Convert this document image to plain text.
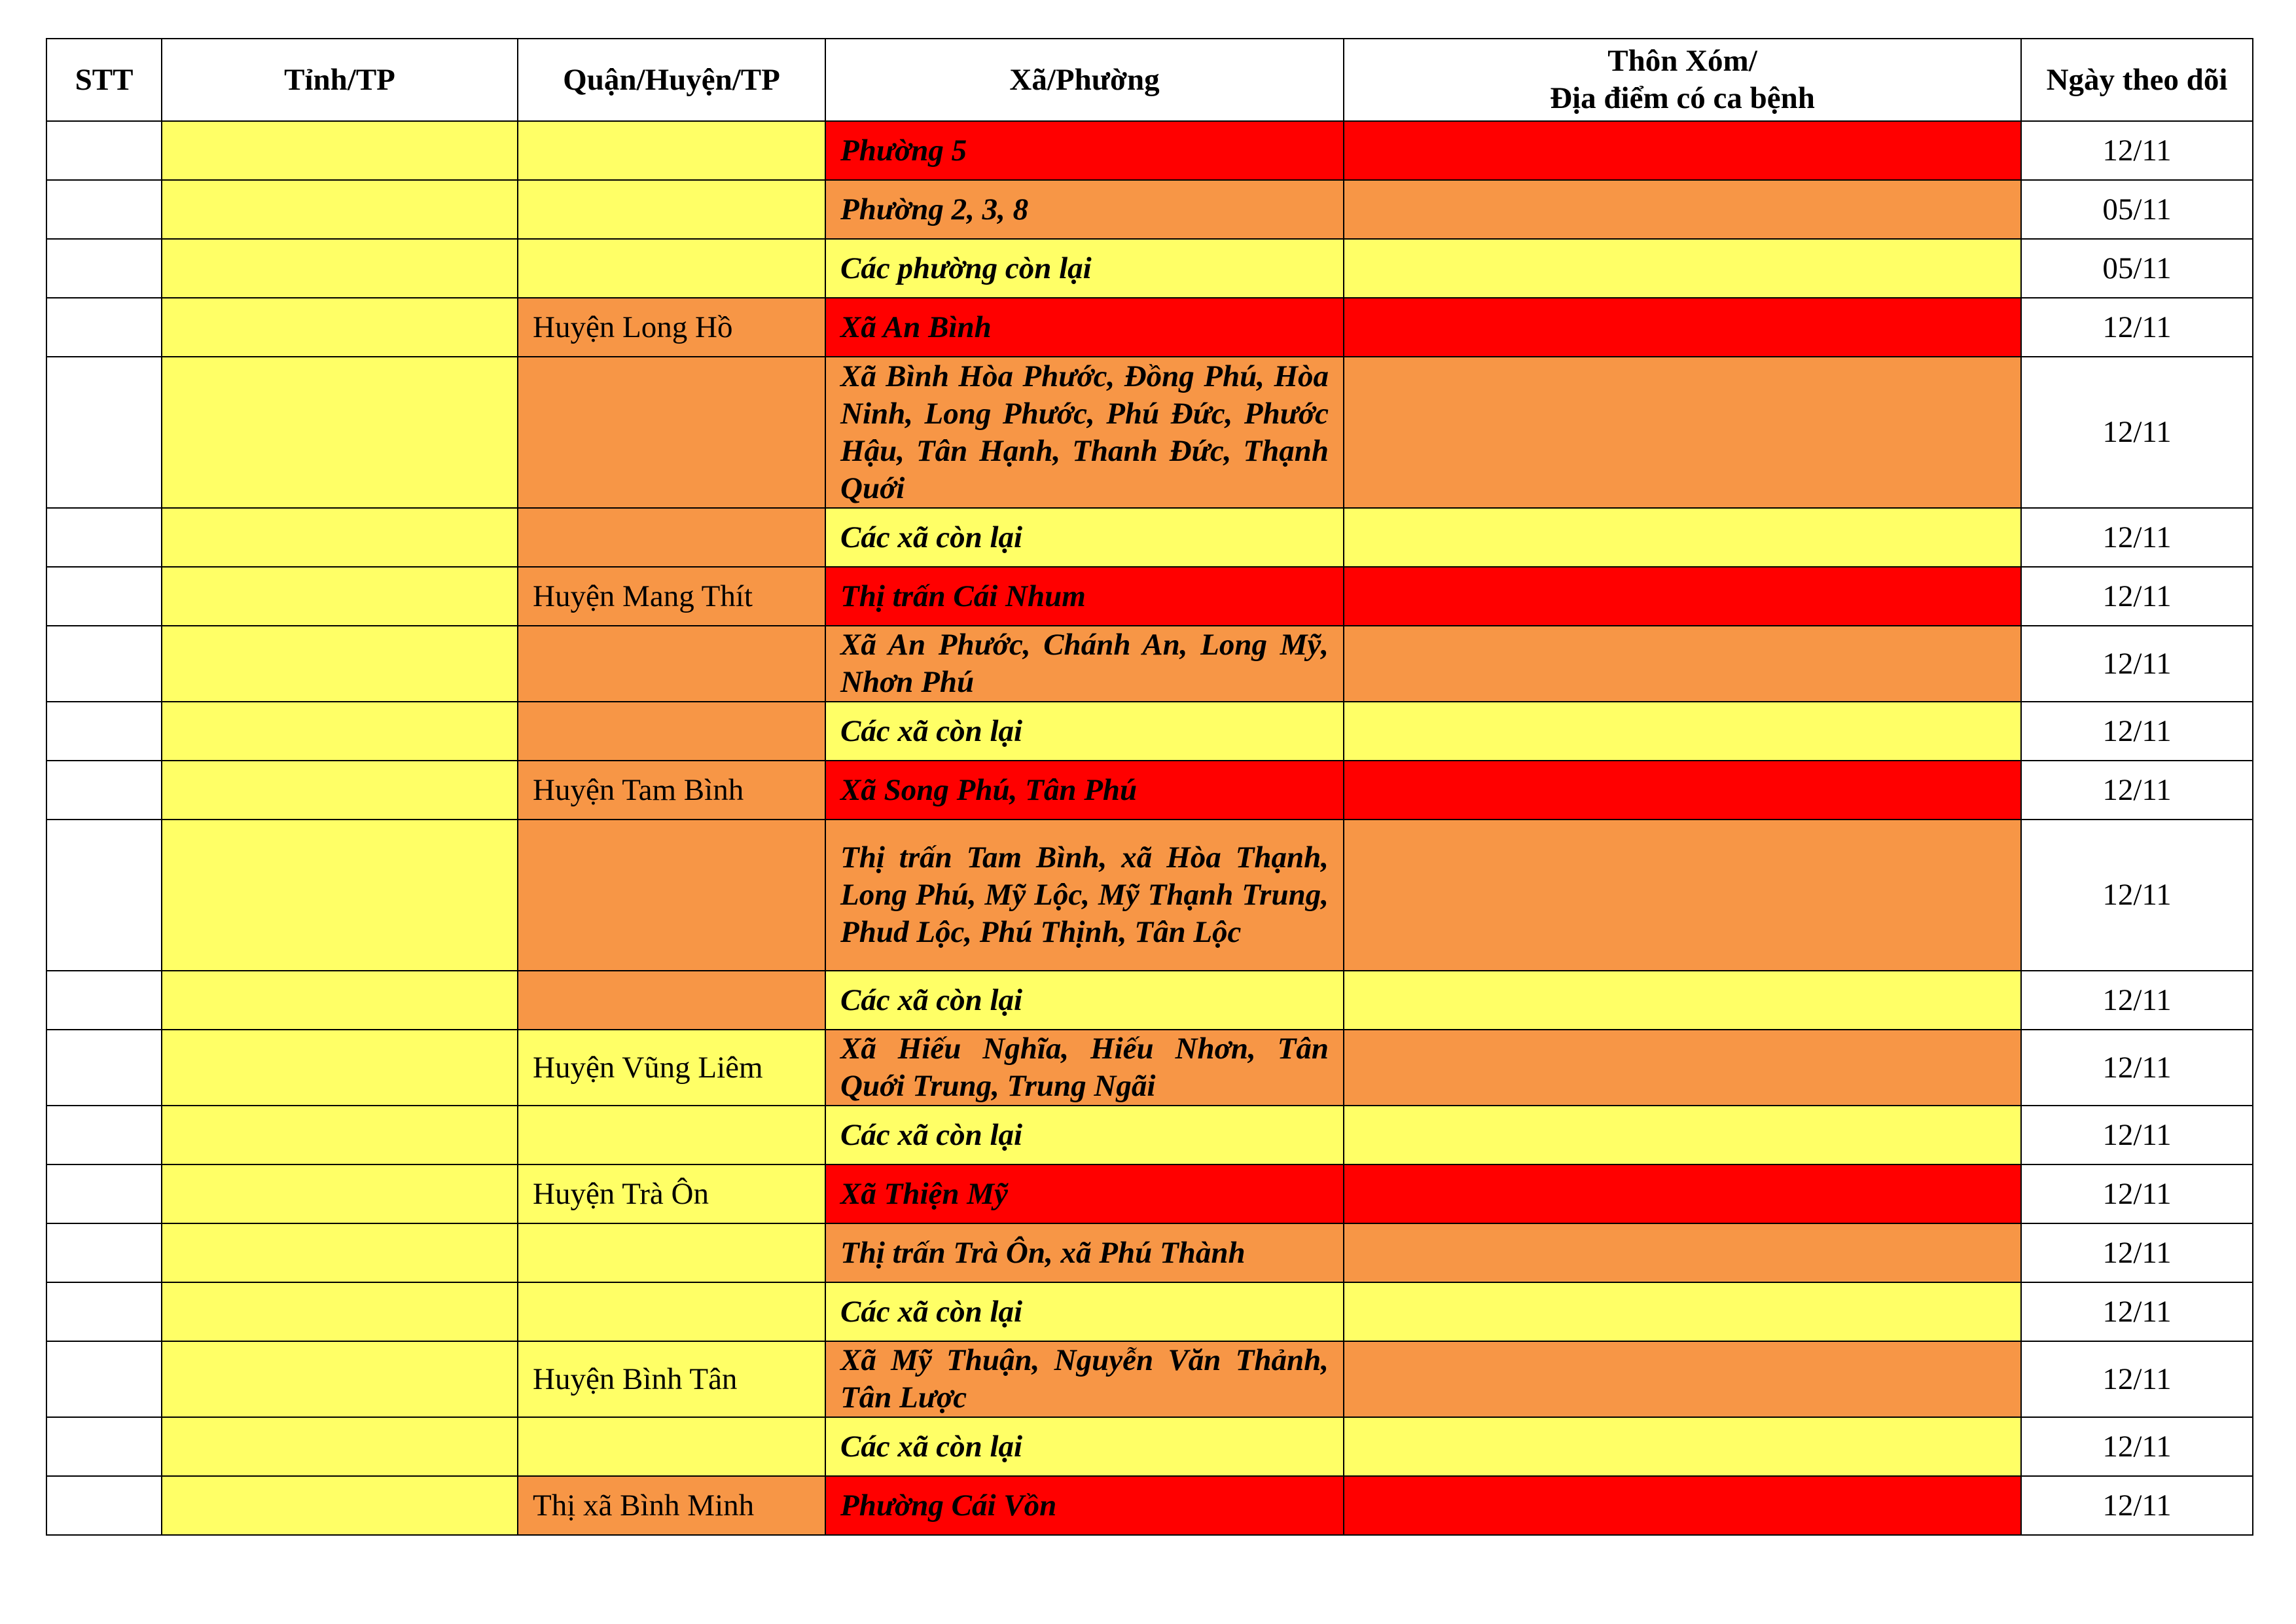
STT	Tỉnh/TP	Quận/Huyện/TP	Xã/Phường	Thôn Xóm/
Địa điểm có ca bệnh	Ngày theo dõi
			Phường 5		12/11
			Phường 2, 3, 8		05/11
			Các phường còn lại		05/11
		Huyện Long Hồ	Xã An Bình		12/11
			Xã Bình Hòa Phước, Đồng Phú, Hòa Ninh, Long Phước, Phú Đức, Phước Hậu, Tân Hạnh, Thanh Đức, Thạnh Quới		12/11
			Các xã còn lại		12/11
		Huyện Mang Thít	Thị trấn Cái Nhum		12/11
			Xã An Phước, Chánh An, Long Mỹ, Nhơn Phú		12/11
			Các xã còn lại		12/11
		Huyện Tam Bình	Xã Song Phú, Tân Phú		12/11
			Thị trấn Tam Bình, xã Hòa Thạnh, Long Phú, Mỹ Lộc, Mỹ Thạnh Trung, Phud Lộc, Phú Thịnh, Tân Lộc		12/11
			Các xã còn lại		12/11
		Huyện Vũng Liêm	Xã Hiếu Nghĩa, Hiếu Nhơn, Tân Quới Trung, Trung Ngãi		12/11
			Các xã còn lại		12/11
		Huyện Trà Ôn	Xã Thiện Mỹ		12/11
			Thị trấn Trà Ôn, xã Phú Thành		12/11
			Các xã còn lại		12/11
		Huyện Bình Tân	Xã Mỹ Thuận, Nguyễn Văn Thảnh, Tân Lược		12/11
			Các xã còn lại		12/11
		Thị xã Bình Minh	Phường Cái Vồn		12/11
